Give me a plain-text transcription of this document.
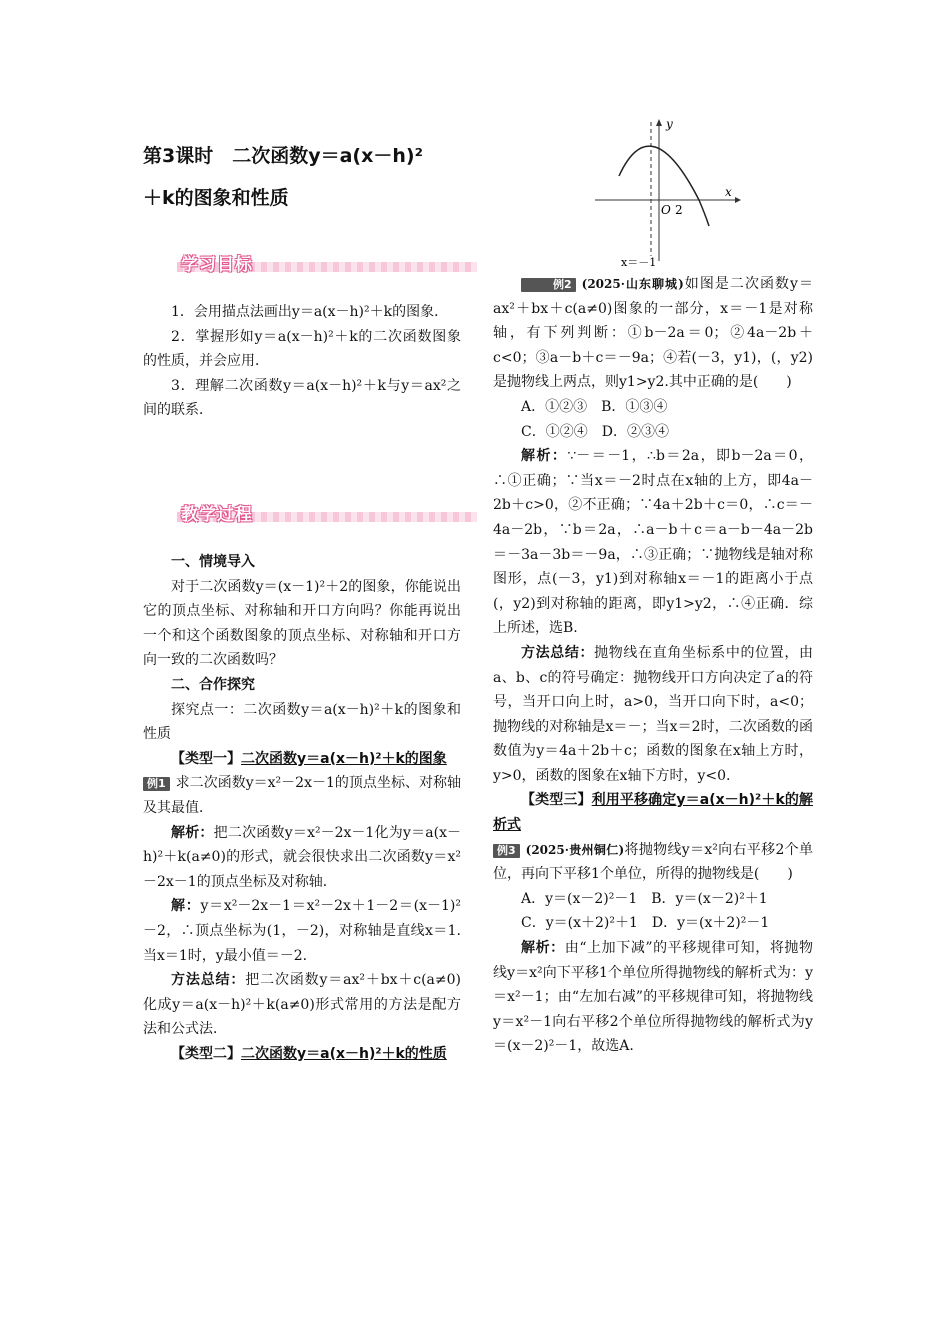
第3课时　二次函数y＝a(x－h)²
＋k的图象和性质
学习目标

1．会用描点法画出y＝a(x－h)²＋k的图象．

2．掌握形如y＝a(x－h)²＋k的二次函数图象的性质，并会应用．

3．理解二次函数y＝a(x－h)²＋k与y＝ax²之间的联系．

教学过程

一、情境导入

对于二次函数y＝(x－1)²＋2的图象，你能说出它的顶点坐标、对称轴和开口方向吗？你能再说出一个和这个函数图象的顶点坐标、对称轴和开口方向一致的二次函数吗？

二、合作探究

探究点一：二次函数y＝a(x－h)²＋k的图象和性质

【类型一】二次函数y＝a(x－h)²＋k的图象

例1 求二次函数y＝x²－2x－1的顶点坐标、对称轴及其最值．

解析：把二次函数y＝x²－2x－1化为y＝a(x－h)²＋k(a≠0)的形式，就会很快求出二次函数y＝x²－2x－1的顶点坐标及对称轴．

解：y＝x²－2x－1＝x²－2x＋1－2＝(x－1)²－2，∴顶点坐标为(1，－2)，对称轴是直线x＝1.当x＝1时，y最小值＝－2.

方法总结：把二次函数y＝ax²＋bx＋c(a≠0)化成y＝a(x－h)²＋k(a≠0)形式常用的方法是配方法和公式法．

【类型二】二次函数y＝a(x－h)²＋k的性质

y
x
O 2
x＝－1

例2 (2025·山东聊城)如图是二次函数y＝ax²＋bx＋c(a≠0)图象的一部分，x＝－1是对称轴，有下列判断：①b－2a＝0；②4a－2b＋c<0；③a－b＋c＝－9a；④若(－3，y1)，(，y2)是抛物线上两点，则y1>y2.其中正确的是(　　)

A．①②③　 B．①③④

C．①②④　 D．②③④

解析：∵－＝－1，∴b＝2a，即b－2a＝0，∴①正确；∵当x＝－2时点在x轴的上方，即4a－2b＋c>0，②不正确；∵4a＋2b＋c＝0，∴c＝－4a－2b，∵b＝2a，∴a－b＋c＝a－b－4a－2b＝－3a－3b＝－9a，∴③正确；∵抛物线是轴对称图形，点(－3，y1)到对称轴x＝－1的距离小于点(，y2)到对称轴的距离，即y1>y2，∴④正确．综上所述，选B.

方法总结：抛物线在直角坐标系中的位置，由a、b、c的符号确定：抛物线开口方向决定了a的符号，当开口向上时，a>0，当开口向下时，a<0；抛物线的对称轴是x＝－；当x＝2时，二次函数的函数值为y＝4a＋2b＋c；函数的图象在x轴上方时，y>0，函数的图象在x轴下方时，y<0.

【类型三】利用平移确定y＝a(x－h)²＋k的解析式

例3 (2025·贵州铜仁)将抛物线y＝x²向右平移2个单位，再向下平移1个单位，所得的抛物线是(　　)

A．y＝(x－2)²－1　 B．y＝(x－2)²＋1

C．y＝(x＋2)²＋1　 D．y＝(x＋2)²－1

解析：由“上加下减”的平移规律可知，将抛物线y＝x²向下平移1个单位所得抛物线的解析式为：y＝x²－1；由“左加右减”的平移规律可知，将抛物线y＝x²－1向右平移2个单位所得抛物线的解析式为y＝(x－2)²－1，故选A.
